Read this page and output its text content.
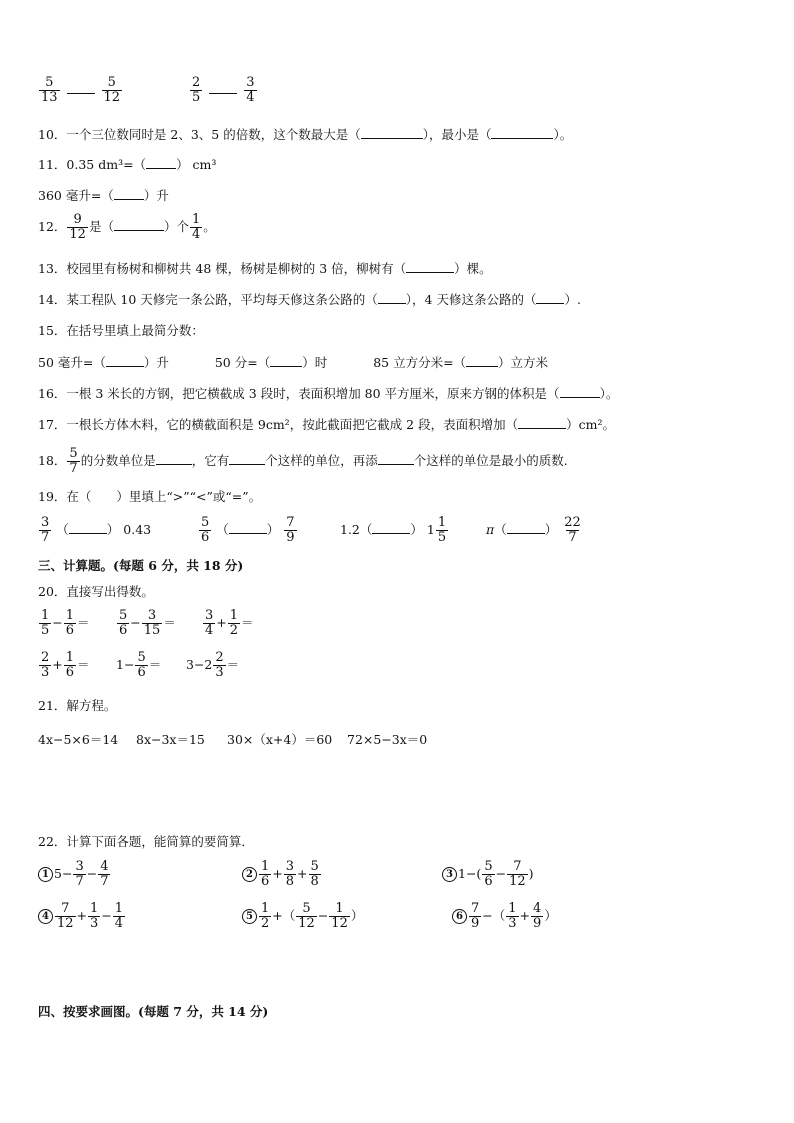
$\frac{5}{13}$
	$\frac{5}{12}$
	$\frac{2}{5}$
	$\frac{3}{4}$
10．一个三位数同时是 2、3、5 的倍数，这个数最大是（	），最小是（	）。
11．0.35 dm³=（ ） cm³
360 毫升=（ ）升
12． $\frac{9}{12}$ 是（	）个 $\frac{1}{4}$ 。
13．校园里有杨树和柳树共 48 棵，杨树是柳树的 3 倍，柳树有（	）棵。
14．某工程队 10 天修完一条公路，平均每天修这条公路的（ ），4 天修这条公路的（ ）.
15．在括号里填上最简分数：
50 毫升=（	）升	50 分=（	）时	85 立方分米=（	）立方米
16．一根 3 米长的方钢，把它横截成 3 段时，表面积增加 80 平方厘米，原来方钢的体积是（	）。
17．一根长方体木料，它的横截面积是 9cm²，按此截面把它截成 2 段，表面积增加（	）cm²。
18． $\frac{5}{7}$ 的分数单位是	，它有	个这样的单位，再添	个这样的单位是最小的质数.
19．在（　　）里填上“>”“<”或“=”。
$\frac{3}{7}$ （	） 0.43	$\frac{5}{6}$ （	） $\frac{7}{9}$	1.2（	） $1 \frac{1}{5}$	π（	） $\frac{22}{7}$
三、计算题。(每题 6 分，共 18 分)
20．直接写出得数。
$\frac{1}{5} - \frac{1}{6} = \frac{5}{6} - \frac{3}{15} = \frac{3}{4} + \frac{1}{2}$ ＝
$\frac{2}{3} + \frac{1}{6} = 1- \frac{5}{6} = 3-2 \frac{2}{3}$ ＝
21．解方程。
4x−5×6＝14 8x−3x＝15 30×（x+4）＝60 72×5−3x＝0
22．计算下面各题，能简算的要简算．
1 $5- \frac{3}{7} - \frac{4}{7}$	$2 \frac{1}{6} + \frac{3}{8} + \frac{5}{8}$	3 $1-( \frac{5}{6} - \frac{7}{12}$ )
$4 \frac{7}{12} + \frac{1}{3} - \frac{1}{4}$	$5 \frac{1}{2}$ +（ $\frac{5}{12} - \frac{1}{12}$ ）	$6 \frac{7}{9}$ −（ $\frac{1}{3} + \frac{4}{9}$ ）
四、按要求画图。(每题 7 分，共 14 分)
